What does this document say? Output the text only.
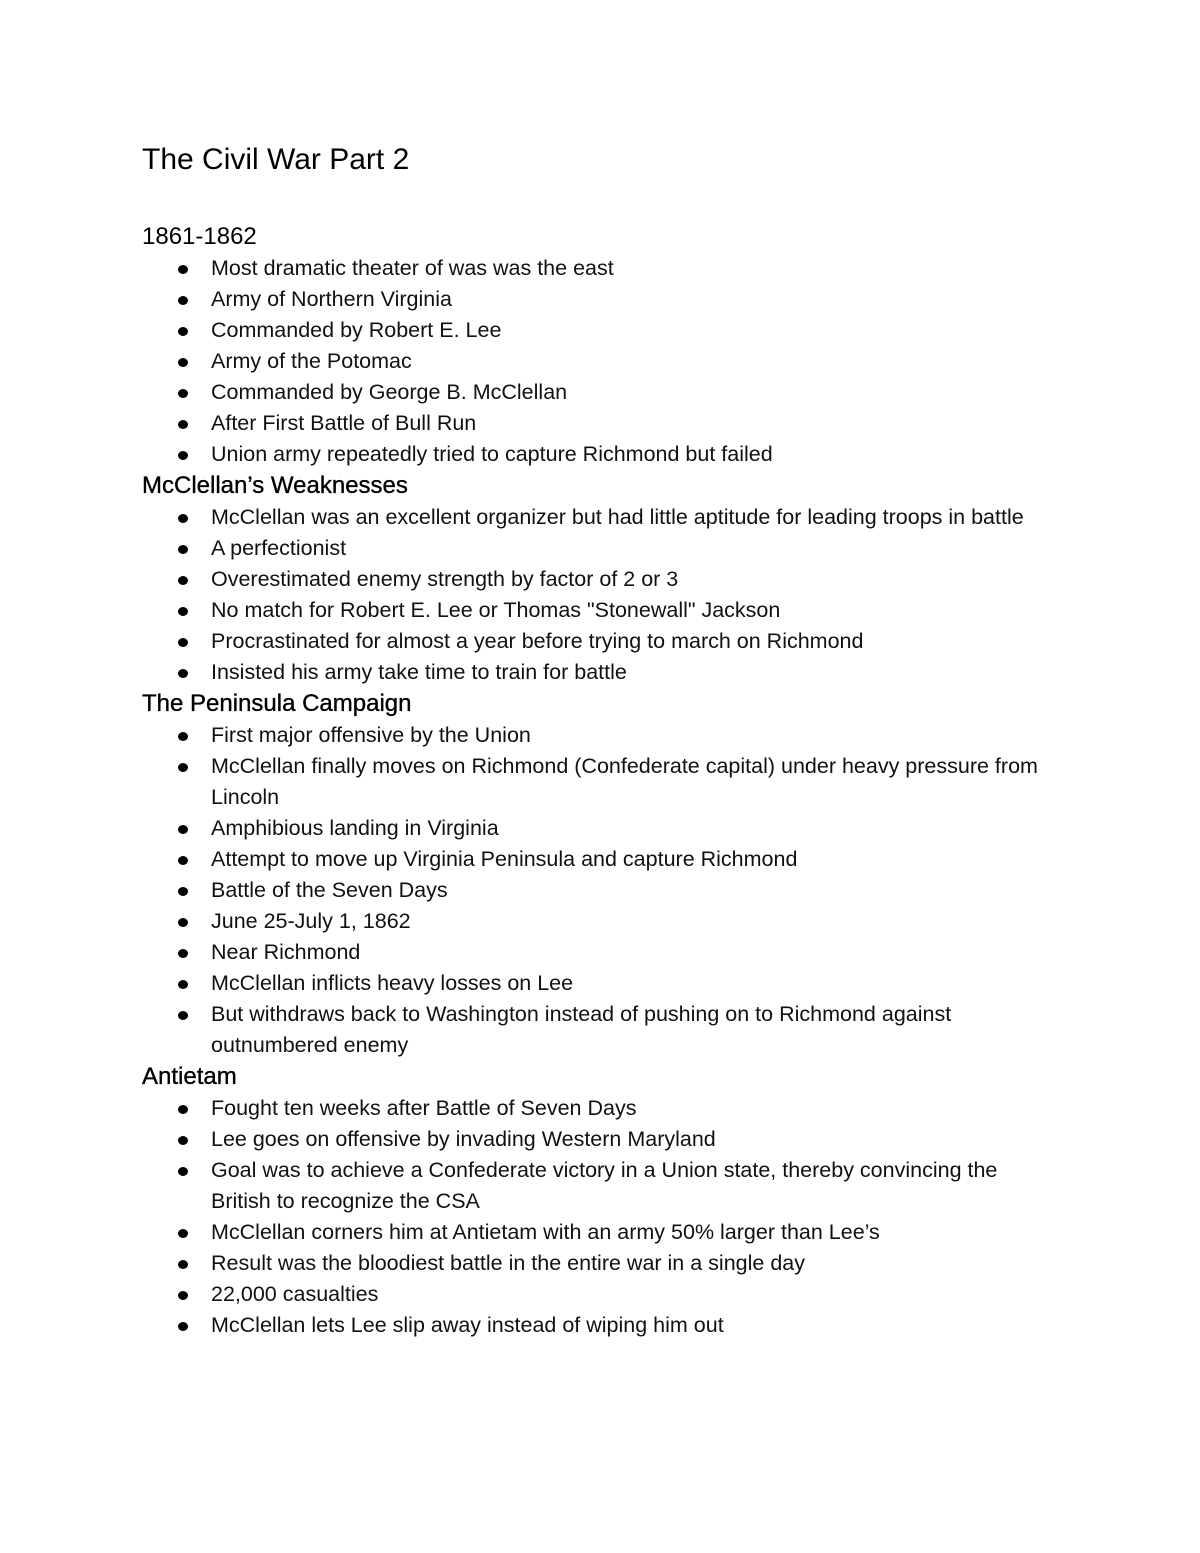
The Civil War Part 2
1861-1862
Most dramatic theater of was was the east
Army of Northern Virginia
Commanded by Robert E. Lee
Army of the Potomac
Commanded by George B. McClellan
After First Battle of Bull Run
Union army repeatedly tried to capture Richmond but failed
McClellan’s Weaknesses
McClellan was an excellent organizer but had little aptitude for leading troops in battle
A perfectionist
Overestimated enemy strength by factor of 2 or 3
No match for Robert E. Lee or Thomas "Stonewall" Jackson
Procrastinated for almost a year before trying to march on Richmond
Insisted his army take time to train for battle
The Peninsula Campaign
First major offensive by the Union
McClellan finally moves on Richmond (Confederate capital) under heavy pressure from Lincoln
Amphibious landing in Virginia
Attempt to move up Virginia Peninsula and capture Richmond
Battle of the Seven Days
June 25-July 1, 1862
Near Richmond
McClellan inflicts heavy losses on Lee
But withdraws back to Washington instead of pushing on to Richmond against outnumbered enemy
Antietam
Fought ten weeks after Battle of Seven Days
Lee goes on offensive by invading Western Maryland
Goal was to achieve a Confederate victory in a Union state, thereby convincing the British to recognize the CSA
McClellan corners him at Antietam with an army 50% larger than Lee’s
Result was the bloodiest battle in the entire war in a single day
22,000 casualties
McClellan lets Lee slip away instead of wiping him out
